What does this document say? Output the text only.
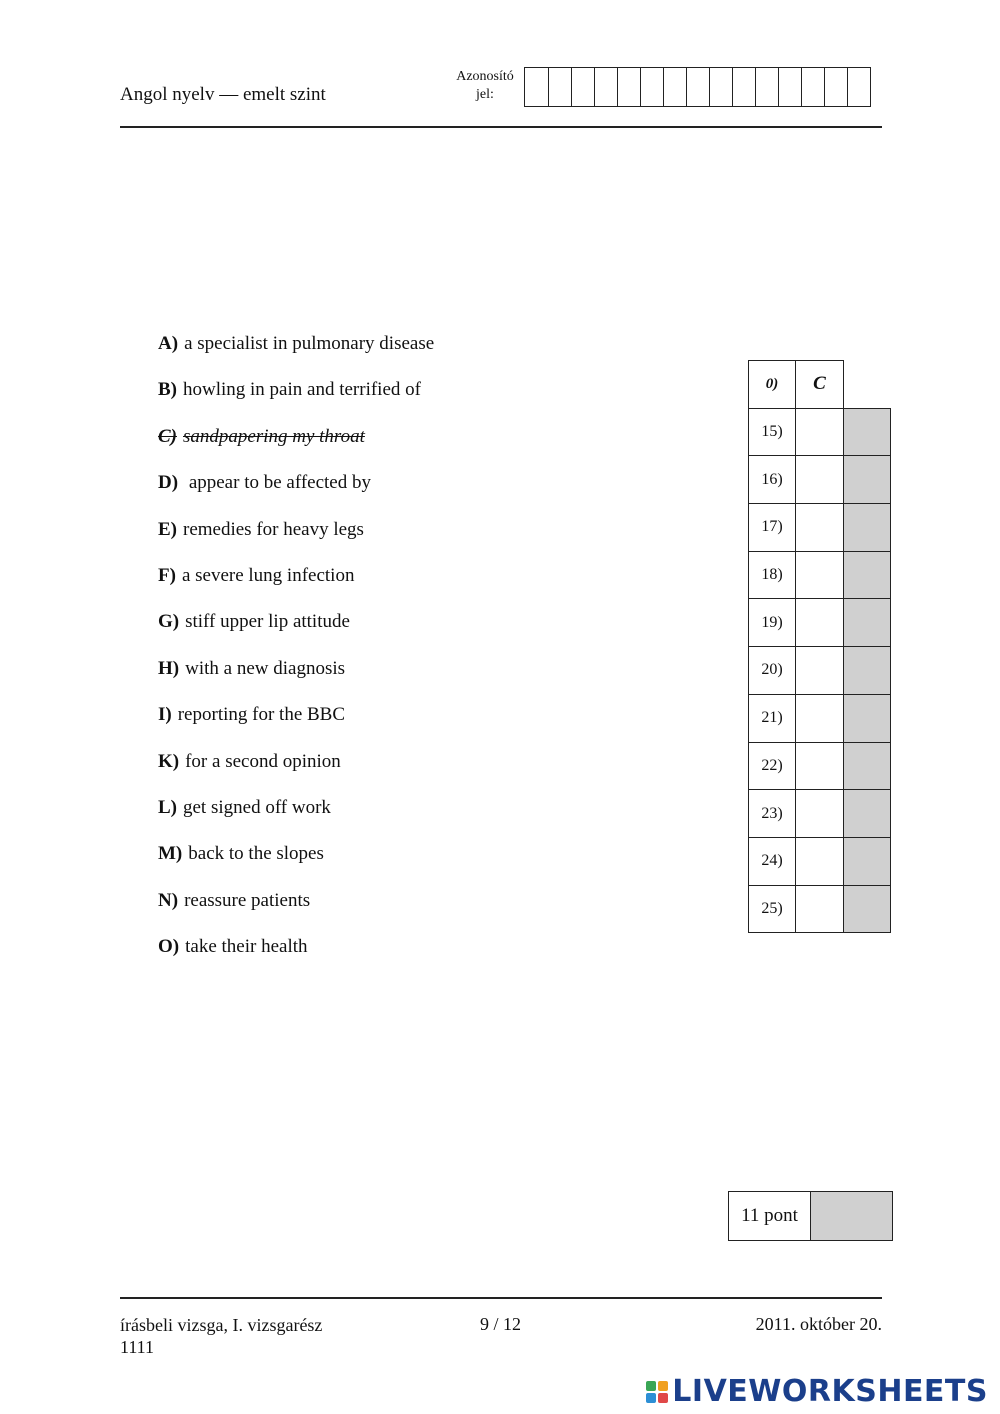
Angol nyelv — emelt szint
Azonosító
jel:
A) a specialist in pulmonary disease
B) howling in pain and terrified of
C) sandpapering my throat
D) appear to be affected by
E) remedies for heavy legs
F) a severe lung infection
G) stiff upper lip attitude
H) with a new diagnosis
I) reporting for the BBC
K) for a second opinion
L) get signed off work
M) back to the slopes
N) reassure patients
O) take their health
0)	C
15)
16)
17)
18)
19)
20)
21)
22)
23)
24)
25)
11 pont
írásbeli vizsga, I. vizsgarész
1111
9 / 12	2011. október 20.
LIVEWORKSHEETS
